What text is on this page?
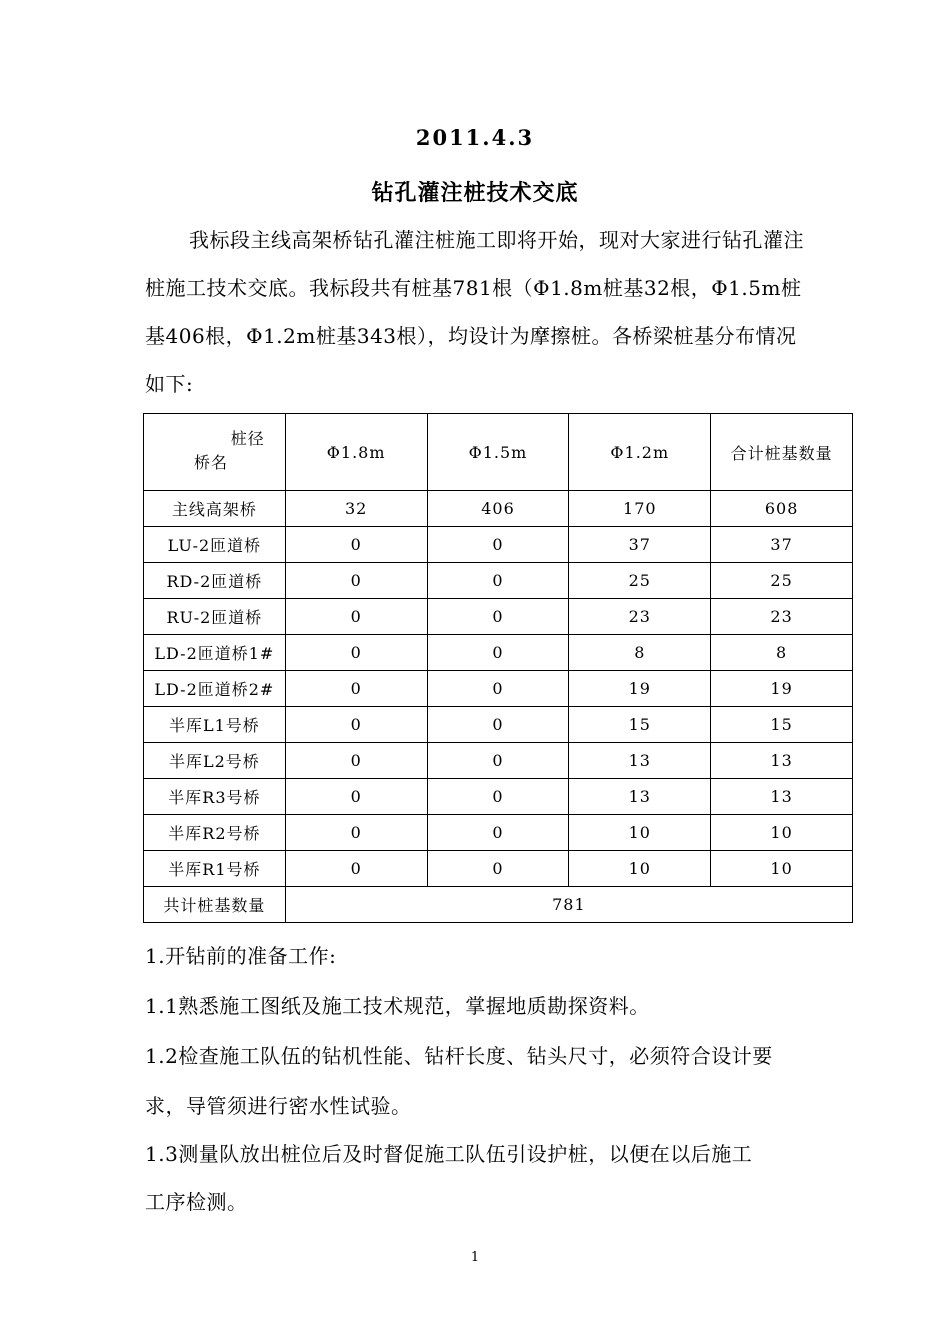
2011.4.3
钻孔灌注桩技术交底
我标段主线高架桥钻孔灌注桩施工即将开始，现对大家进行钻孔灌注桩施工技术交底。我标段共有桩基781根（Φ1.8m桩基32根，Φ1.5m桩基406根，Φ1.2m桩基343根），均设计为摩擦桩。各桥梁桩基分布情况如下:
桩径
桥名	Φ1.8m	Φ1.5m	Φ1.2m	合计桩基数量
主线高架桥	32	406	170	608
LU-2匝道桥	0	0	37	37
RD-2匝道桥	0	0	25	25
RU-2匝道桥	0	0	23	23
LD-2匝道桥1#	0	0	8	8
LD-2匝道桥2#	0	0	19	19
半厍L1号桥	0	0	15	15
半厍L2号桥	0	0	13	13
半厍R3号桥	0	0	13	13
半厍R2号桥	0	0	10	10
半厍R1号桥	0	0	10	10
共计桩基数量	781			
1.开钻前的准备工作:
1.1熟悉施工图纸及施工技术规范，掌握地质勘探资料。
1.2检查施工队伍的钻机性能、钻杆长度、钻头尺寸，必须符合设计要
求，导管须进行密水性试验。
1.3测量队放出桩位后及时督促施工队伍引设护桩，以便在以后施工
工序检测。
1
